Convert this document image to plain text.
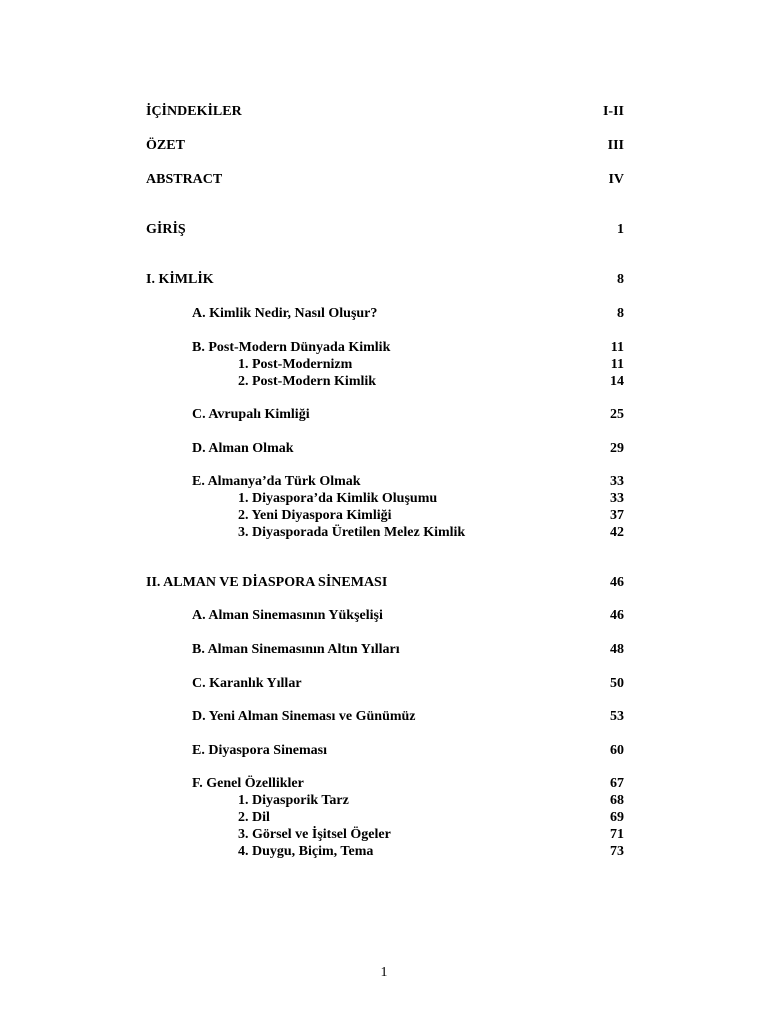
İÇİNDEKİLER	I-II
ÖZET	III
ABSTRACT	IV
GİRİŞ	1
I. KİMLİK	8
A. Kimlik Nedir, Nasıl Oluşur?	8
B. Post-Modern Dünyada Kimlik	11
1. Post-Modernizm	11
2. Post-Modern Kimlik	14
C. Avrupalı Kimliği	25
D. Alman Olmak	29
E. Almanya’da Türk Olmak	33
1. Diyaspora’da Kimlik Oluşumu	33
2. Yeni Diyaspora Kimliği	37
3. Diyasporada Üretilen Melez Kimlik	42
II. ALMAN VE DİASPORA SİNEMASI	46
A. Alman Sinemasının Yükşelişi	46
B. Alman Sinemasının Altın Yılları	48
C. Karanlık Yıllar	50
D. Yeni Alman Sineması ve Günümüz	53
E. Diyaspora Sineması	60
F. Genel Özellikler	67
1. Diyasporik Tarz	68
2. Dil	69
3. Görsel ve İşitsel Ögeler	71
4. Duygu, Biçim, Tema	73
1
